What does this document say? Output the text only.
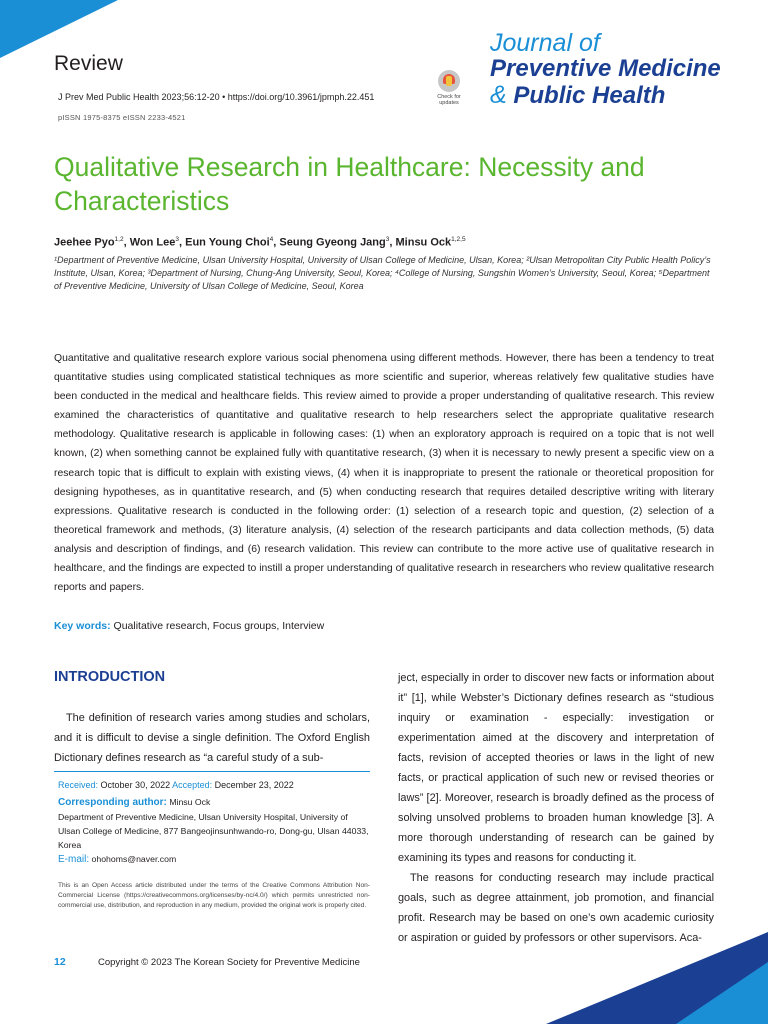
Review
J Prev Med Public Health 2023;56:12-20 • https://doi.org/10.3961/jpmph.22.451
pISSN 1975-8375 eISSN 2233-4521
Check for updates
Journal of
Preventive Medicine
& Public Health
Qualitative Research in Healthcare: Necessity and Characteristics
Jeehee Pyo$^{1,2}$, Won Lee$^3$, Eun Young Choi$^4$, Seung Gyeong Jang$^3$, Minsu Ock$^{1,2,5}$
¹Department of Preventive Medicine, Ulsan University Hospital, University of Ulsan College of Medicine, Ulsan, Korea; ²Ulsan Metropolitan City Public Health Policy’s Institute, Ulsan, Korea; ³Department of Nursing, Chung-Ang University, Seoul, Korea; ⁴College of Nursing, Sungshin Women’s University, Seoul, Korea; ⁵Department of Preventive Medicine, University of Ulsan College of Medicine, Seoul, Korea
Quantitative and qualitative research explore various social phenomena using different methods. However, there has been a tendency to treat quantitative studies using complicated statistical techniques as more scientific and superior, whereas relatively few qualitative studies have been conducted in the medical and healthcare fields. This review aimed to provide a proper understanding of qualitative research. This review examined the characteristics of quantitative and qualitative research to help researchers select the appropriate qualitative research methodology. Qualitative research is applicable in following cases: (1) when an exploratory approach is required on a topic that is not well known, (2) when something cannot be explained fully with quantitative research, (3) when it is necessary to newly present a specific view on a research topic that is difficult to explain with existing views, (4) when it is inappropriate to present the rationale or theoretical proposition for designing hypotheses, as in quantitative research, and (5) when conducting research that requires detailed descriptive writing with literary expressions. Qualitative research is conducted in the following order: (1) selection of a research topic and question, (2) selection of a theoretical framework and methods, (3) literature analysis, (4) selection of the research participants and data collection methods, (5) data analysis and description of findings, and (6) research validation. This review can contribute to the more active use of qualitative research in healthcare, and the findings are expected to instill a proper understanding of qualitative research in researchers who review qualitative research reports and papers.
Key words: Qualitative research, Focus groups, Interview
INTRODUCTION

The definition of research varies among studies and scholars, and it is difficult to devise a single definition. The Oxford English Dictionary defines research as “a careful study of a sub-

Received: October 30, 2022 Accepted: December 23, 2022
Corresponding author: Minsu Ock
Department of Preventive Medicine, Ulsan University Hospital, University of Ulsan College of Medicine, 877 Bangeojinsunhwando-ro, Dong-gu, Ulsan 44033, Korea
E-mail: ohohoms@naver.com
This is an Open Access article distributed under the terms of the Creative Commons Attribution Non-Commercial License (https://creativecommons.org/licenses/by-nc/4.0/) which permits unrestricted non-commercial use, distribution, and reproduction in any medium, provided the original work is properly cited.

ject, especially in order to discover new facts or information about it” [1], while Webster’s Dictionary defines research as “studious inquiry or examination - especially: investigation or experimentation aimed at the discovery and interpretation of facts, revision of accepted theories or laws in the light of new facts, or practical application of such new or revised theories or laws” [2]. Moreover, research is broadly defined as the process of solving unsolved problems to broaden human knowledge [3]. A more thorough understanding of research can be gained by examining its types and reasons for conducting it.

The reasons for conducting research may include practical goals, such as degree attainment, job promotion, and financial profit. Research may be based on one’s own academic curiosity or aspiration or guided by professors or other supervisors. Aca-

12	Copyright © 2023 The Korean Society for Preventive Medicine
